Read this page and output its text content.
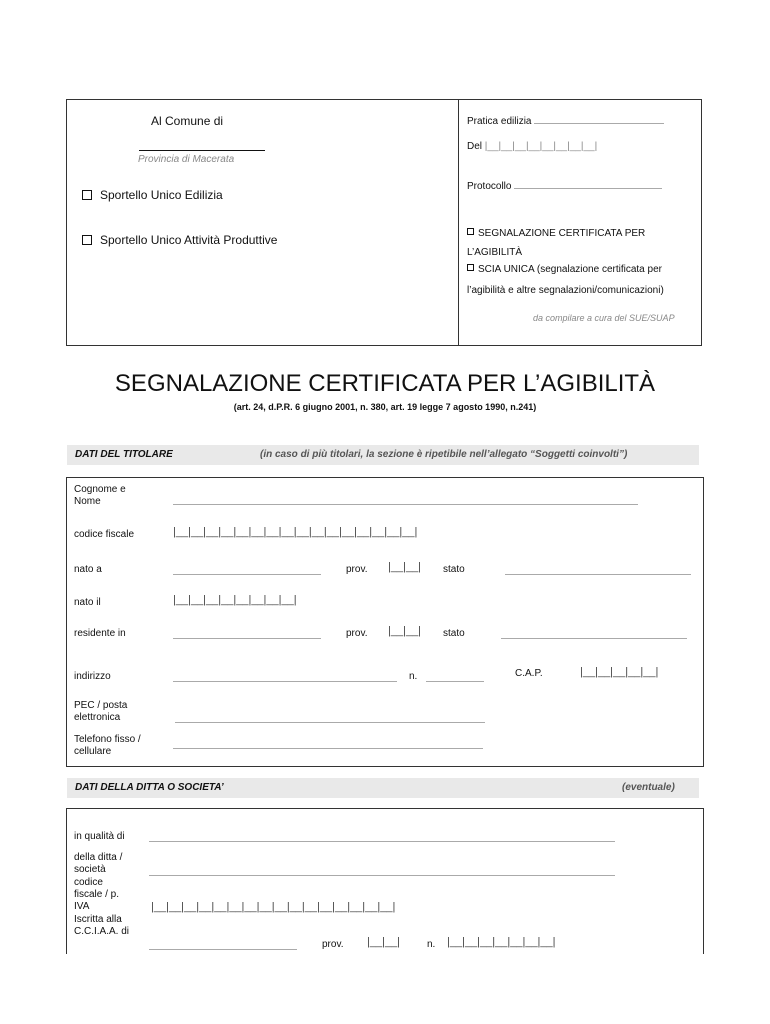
Al Comune di
Provincia di Macerata
Sportello Unico Edilizia
Sportello Unico Attività Produttive
Pratica edilizia
Del |__|__|__|__|__|__|__|__|
Protocollo
SEGNALAZIONE CERTIFICATA PER
L’AGIBILITÀ
SCIA UNICA (segnalazione certificata per
l’agibilità e altre segnalazioni/comunicazioni)
da compilare a cura del SUE/SUAP
SEGNALAZIONE CERTIFICATA PER L’AGIBILITÀ
(art. 24, d.P.R. 6 giugno 2001, n. 380, art. 19 legge 7 agosto 1990, n.241)
DATI DEL TITOLARE	(in caso di più titolari, la sezione è ripetibile nell’allegato “Soggetti coinvolti”)
Cognome e Nome
codice fiscale	|__|__|__|__|__|__|__|__|__|__|__|__|__|__|__|__|
nato a	prov. |__|__| stato
nato il	|__|__|__|__|__|__|__|__|
residente in	prov. |__|__| stato
indirizzo	n.	C.A.P.	|__|__|__|__|__|
PEC / posta elettronica
Telefono fisso / cellulare
DATI DELLA DITTA O SOCIETA’	(eventuale)
in qualità di
della ditta / società
codice fiscale / p. IVA	|__|__|__|__|__|__|__|__|__|__|__|__|__|__|__|__|
Iscritta alla C.C.I.A.A. di
prov. |__|__|	n. |__|__|__|__|__|__|__|
